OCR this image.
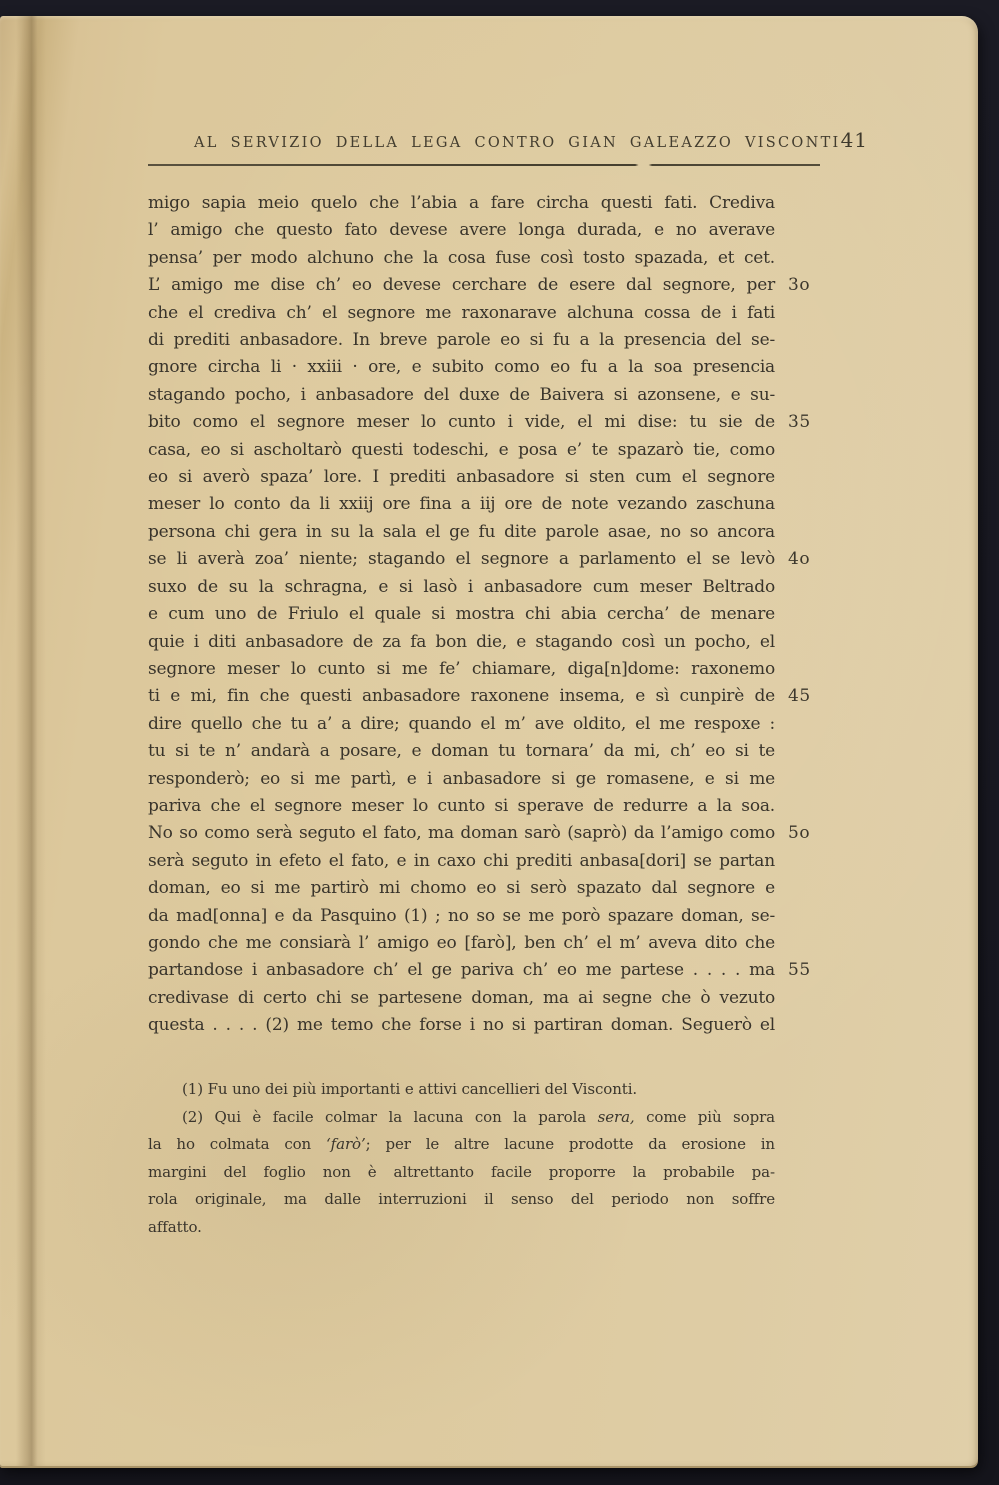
AL SERVIZIO DELLA LEGA CONTRO GIAN GALEAZZO VISCONTI 41
migo sapia meio quelo che l’abia a fare circha questi fati. Crediva
l’ amigo che questo fato devese avere longa durada, e no averave
pensa’ per modo alchuno che la cosa fuse così tosto spazada, et cet.
L’ amigo me dise ch’ eo devese cerchare de esere dal segnore, per 3o
che el crediva ch’ el segnore me raxonarave alchuna cossa de i fati
di prediti anbasadore. In breve parole eo si fu a la presencia del se-
gnore circha li · xxiii · ore, e subito como eo fu a la soa presencia
stagando pocho, i anbasadore del duxe de Baivera si azonsene, e su-
bito como el segnore meser lo cunto i vide, el mi dise: tu sie de 35
casa, eo si ascholtarò questi todeschi, e posa e’ te spazarò tie, como
eo si averò spaza’ lore. I prediti anbasadore si sten cum el segnore
meser lo conto da li xxiij ore fina a iij ore de note vezando zaschuna
persona chi gera in su la sala el ge fu dite parole asae, no so ancora
se li averà zoa’ niente; stagando el segnore a parlamento el se levò 4o
suxo de su la schragna, e si lasò i anbasadore cum meser Beltrado
e cum uno de Friulo el quale si mostra chi abia cercha’ de menare
quie i diti anbasadore de za fa bon die, e stagando così un pocho, el
segnore meser lo cunto si me fe’ chiamare, diga[n]dome: raxonemo
ti e mi, fin che questi anbasadore raxonene insema, e sì cunpirè de 45
dire quello che tu a’ a dire; quando el m’ ave oldito, el me respoxe :
tu si te n’ andarà a posare, e doman tu tornara’ da mi, ch’ eo si te
responderò; eo si me partì, e i anbasadore si ge romasene, e si me
pariva che el segnore meser lo cunto si sperave de redurre a la soa.
No so como serà seguto el fato, ma doman sarò (saprò) da l’amigo como 5o
serà seguto in efeto el fato, e in caxo chi prediti anbasa[dori] se partan
doman, eo si me partirò mi chomo eo si serò spazato dal segnore e
da mad[onna] e da Pasquino (1) ; no so se me porò spazare doman, se-
gondo che me consiarà l’ amigo eo [farò], ben ch’ el m’ aveva dito che
partandose i anbasadore ch’ el ge pariva ch’ eo me partese . . . . ma 55
credivase di certo chi se partesene doman, ma ai segne che ò vezuto
questa . . . . (2) me temo che forse i no si partiran doman. Seguerò el
(1) Fu uno dei più importanti e attivi cancellieri del Visconti.
(2) Qui è facile colmar la lacuna con la parola sera, come più sopra
la ho colmata con ‘farò’; per le altre lacune prodotte da erosione in
margini del foglio non è altrettanto facile proporre la probabile pa-
rola originale, ma dalle interruzioni il senso del periodo non soffre
affatto.
